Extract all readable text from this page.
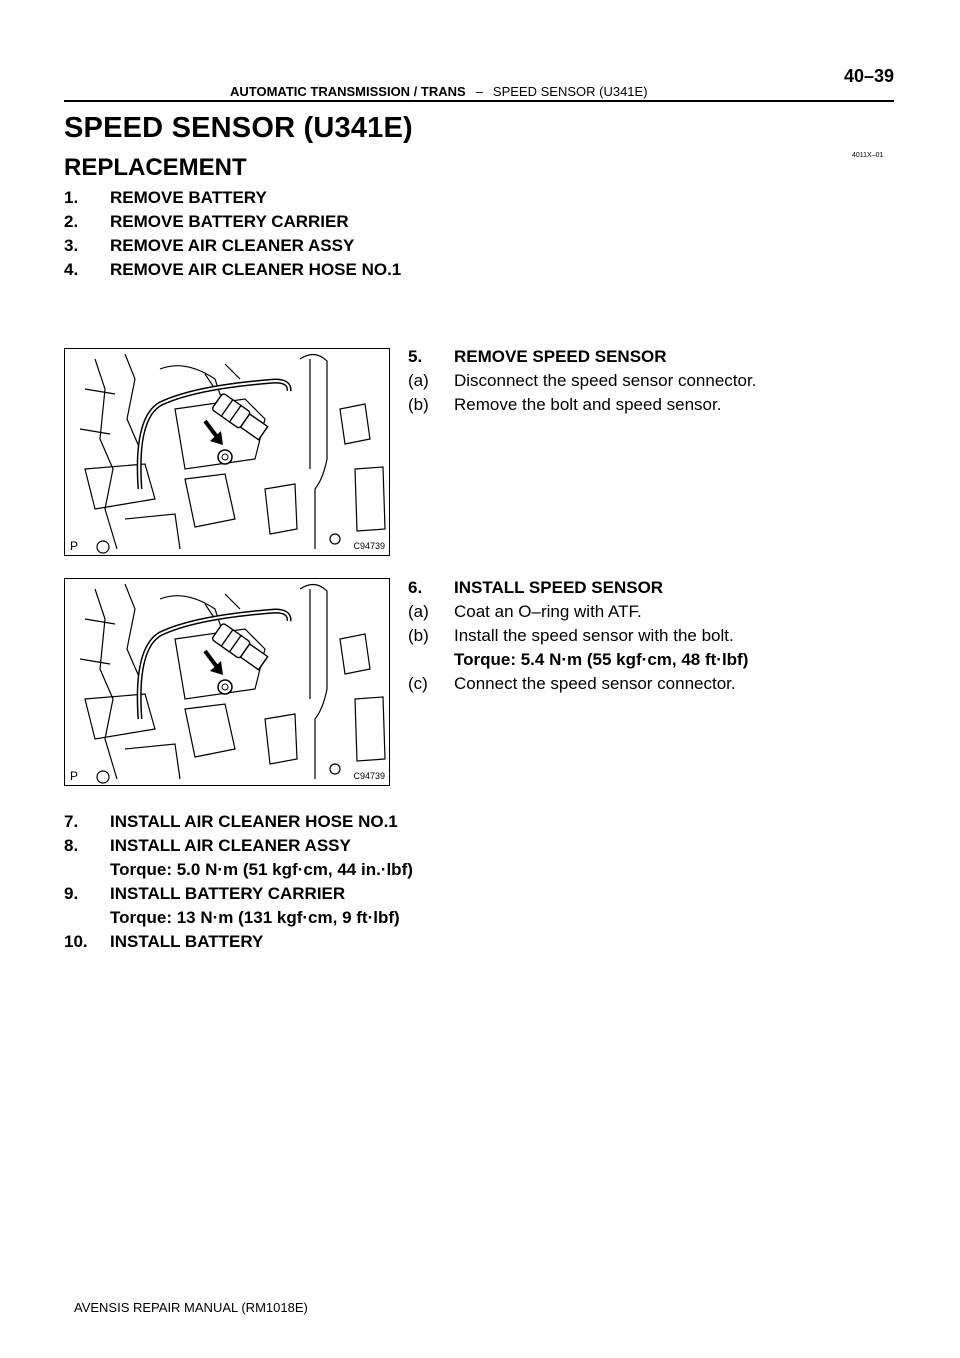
AUTOMATIC TRANSMISSION / TRANS – SPEED SENSOR (U341E)
40–39
SPEED SENSOR (U341E)
4011X–01
REPLACEMENT
1. REMOVE BATTERY
2. REMOVE BATTERY CARRIER
3. REMOVE AIR CLEANER ASSY
4. REMOVE AIR CLEANER HOSE NO.1
P	C94739
5. REMOVE SPEED SENSOR
(a) Disconnect the speed sensor connector.
(b) Remove the bolt and speed sensor.
P	C94739
6. INSTALL SPEED SENSOR
(a) Coat an O–ring with ATF.
(b) Install the speed sensor with the bolt.
Torque: 5.4 N·m (55 kgf·cm, 48 ft·lbf)
(c) Connect the speed sensor connector.
7. INSTALL AIR CLEANER HOSE NO.1
8. INSTALL AIR CLEANER ASSY
Torque: 5.0 N·m (51 kgf·cm, 44 in.·lbf)
9. INSTALL BATTERY CARRIER
Torque: 13 N·m (131 kgf·cm, 9 ft·lbf)
10. INSTALL BATTERY
AVENSIS REPAIR MANUAL (RM1018E)
